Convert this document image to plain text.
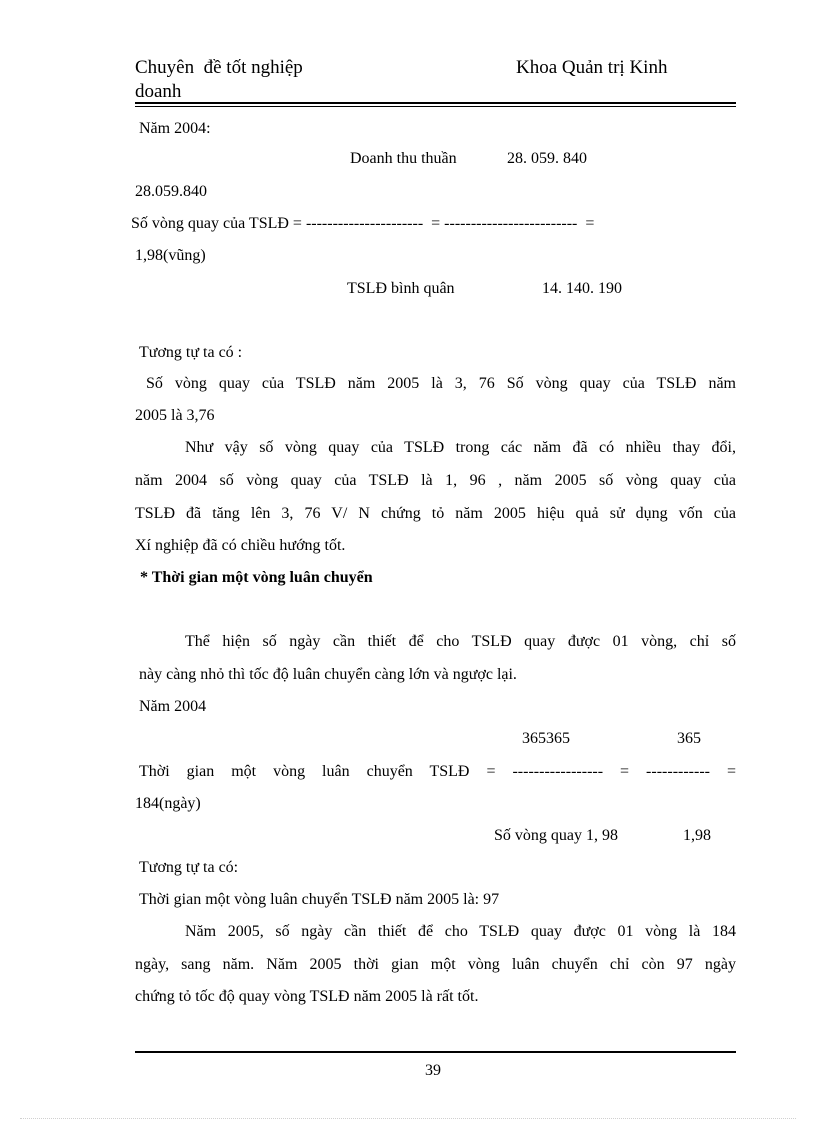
Chuyên  đề tốt nghiệp
doanh
Khoa Quản trị Kinh
Năm 2004:
Doanh thu thuần	28. 059. 840
28.059.840
Số vòng quay của TSLĐ = ----------------------  = -------------------------  =
1,98(vũng)
TSLĐ bình quân	14. 140. 190
Tương tự ta có :
Số vòng quay của TSLĐ năm 2005 là 3, 76 Số vòng quay của TSLĐ năm
2005 là 3,76
Như vậy số vòng quay của TSLĐ trong các năm đã có nhiều thay đổi,
năm 2004 số vòng quay của TSLĐ là 1, 96 , năm 2005 số vòng quay của
TSLĐ đã tăng lên 3, 76 V/ N chứng tỏ năm 2005 hiệu quả sử dụng vốn của
Xí nghiệp đã có chiều hướng tốt.
* Thời gian một vòng luân chuyển
Thể hiện số ngày cần thiết để cho TSLĐ quay được 01 vòng, chỉ số
này càng nhỏ thì tốc độ luân chuyển càng lớn và ngược lại.
Năm 2004
365365	365
Thời gian một vòng luân chuyển TSLĐ = ----------------- = ------------ =
184(ngày)
Số vòng quay 1, 98	1,98
Tương tự ta có:
Thời gian một vòng luân chuyển TSLĐ năm 2005 là: 97
Năm 2005, số ngày cần thiết để cho TSLĐ quay được 01 vòng là 184
ngày, sang năm. Năm 2005 thời gian một vòng luân chuyển chỉ còn 97 ngày
chứng tỏ tốc độ quay vòng TSLĐ năm 2005 là rất tốt.
39
